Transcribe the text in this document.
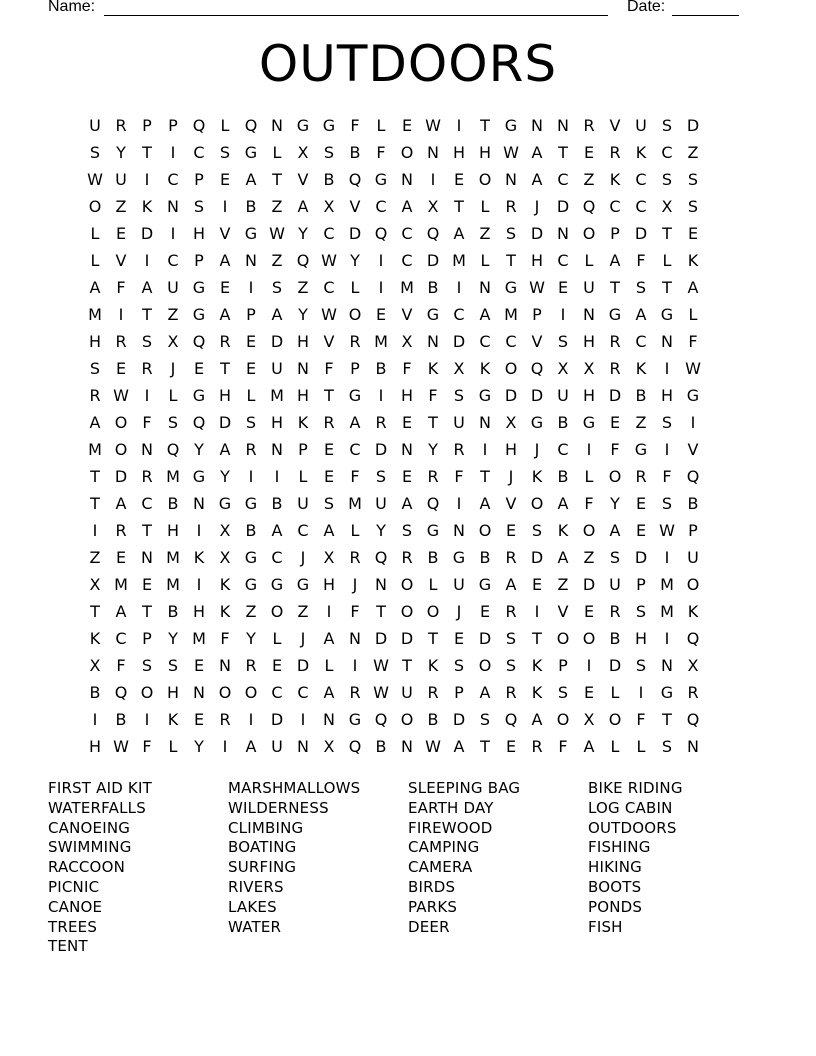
Name:	Date:
OUTDOORS
U R P	P Q L Q N G G F	L	E W I	T G N N R V U S D
S	Y	T	I	C S G L	X S B F O N H H W A T	E R K C Z
W U	I	C P	E A T V B Q G N	I	E O N A C Z K C S S
O Z K N S	I	B Z A X V C A X T	L R	J	D Q C C X S
L	E D	I	H V G W Y C D Q C Q A Z S D N O P D T	E
L	V	I	C P A N Z Q W Y	I	C D M L	T H C L	A F	L	K
A F A U G E	I	S Z C L	I	M B	I	N G W E U T	S	T A
M	I	T Z G A P A Y W O E V G C A M P	I	N G A G L
H R S X Q R E D H V R M X N D C C V S H R C N F
S E R	J	E	T	E U N F	P B F	K X K O Q X X R K	I W
R W I	L G H L M H T G	I	H F	S G D D U H D B H G
A O F	S Q D S H K R A R E	T U N X G B G E Z S	I
M O N Q Y A R N P	E C D N Y R	I	H	J	C	I	F G	I	V
T D R M G Y	I	I	L	E	F	S E R F	T	J	K B	L O R F Q
T A C B N G G B U S M U A Q	I	A V O A F	Y	E S B
I	R T H	I	X B A C A	L	Y	S G N O E S K O A E W P
Z E N M K X G C	J	X R Q R B G B R D A Z S D	I	U
X M E M	I	K G G G H	J	N O L U G A E Z D U P M O
T A T B H K Z O Z	I	F	T O O	J	E R	I	V E R S M K
K C P	Y M F	Y	L	J	A N D D T	E D S	T O O B H	I	Q
X F	S S E N R E D L	I W T K S O S K P	I	D S N X
B Q O H N O O C C A R W U R P A R K S E	L	I	G R
I	B	I	K E R	I	D	I	N G Q O B D S Q A O X O F	T Q
H W F	L	Y	I	A U N X Q B N W A T	E R F A	L	L	S N
FIRST AID KIT
WATERFALLS
CANOEING
SWIMMING
RACCOON
PICNIC
CANOE
TREES
TENT
MARSHMALLOWS
WILDERNESS
CLIMBING
BOATING
SURFING
RIVERS
LAKES
WATER
SLEEPING BAG
EARTH DAY
FIREWOOD
CAMPING
CAMERA
BIRDS
PARKS
DEER
BIKE RIDING
LOG CABIN
OUTDOORS
FISHING
HIKING
BOOTS
PONDS
FISH
